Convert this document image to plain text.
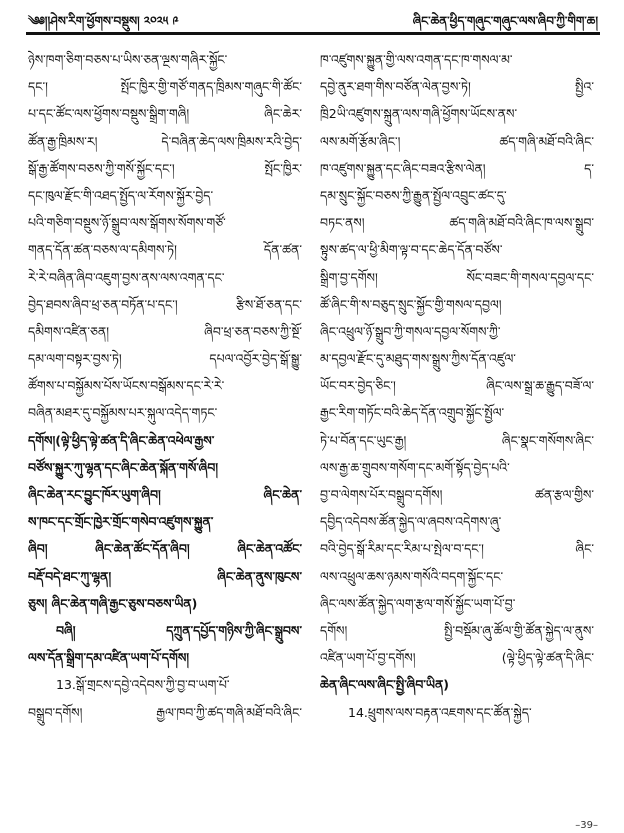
༄༅།།ཤེས་རིག་ཕྱོགས་བསྡུས། ༢༠༢༥ ༩	ཞིང་ཆེན་ཕྱིད་གཞུང་གཞུང་ལས་ཞིབ་ཀྱི་གིག་ཆ།
ཉེས་ཁག་ཅིག་བཅས་པ་ཡིས་ཅན་ལྔས་གཞིར་སྐྱོང་
དང་། སྤོང་ཁྱིར་གྱི་གཙོ་གནད་ཁྲིམས་གཞུང་གི་ཚོང་
པ་དང་ཚོང་ལས་ཕྱོགས་བསྡུས་སྒྲིག་གཞི། ཞིང་ཆེར་
ཚོན་རྒྱ་ཁྲིམས་ར། དེ་བཞིན་ཆེད་ལས་ཁྲིམས་རའི་བྱེད་
སྒོ་རྒྱ་ཚོགས་བཅས་ཀྱི་གསོ་སྐྱོང་དང་། སྤོང་ཁྱིར་
དང་ཁུལ་རྫོང་གི་འཐད་སྤྱོད་ལ་རོགས་སྐྱོར་བྱེད་
པའི་གཅིག་བསྡུས་ཉོ་སྒྲུབ་ལས་སྒོགས་སོགས་གཙོ་
གནད་དོན་ཚན་བཅས་ལ་དམིགས་ཏེ། དོན་ཚན་
རེ་རེ་བཞིན་ཞིབ་འཇུག་བྱས་ནས་ལས་འགན་དང་
བྱེད་ཐབས་ཞིབ་ཕྲ་ཅན་བཏོན་པ་དང་། རྩིས་ཐོ་ཅན་དང་
དམིགས་འཛིན་ཅན། ཞིབ་ཕྲ་ཅན་བཅས་ཀྱི་སྔོ་
དམ་ལག་བསྟར་བྱས་ཏེ། དཔལ་འབྱོར་བྱེད་སྒོ་སྒྱུ་
ཚོགས་པ་བསྐྱོམས་པོས་ཡོངས་བསྒོམས་དང་རེ་རེ་
བཞིན་མཐར་དུ་བསྐྱོམས་པར་སྐུལ་འདེད་གཏང་
དགོས།(ལྟེ་ཕྱིད་ལྟེ་ཚན་དི་ཞིང་ཆེན་འཕེལ་རྒྱས་
བཙོས་སྐྱུར་ཀུ་ལྷན་དང་ཞིང་ཆེན་སྐོན་གསོ་ཞིབ།
ཞིང་ཆེན་རང་བྱུང་ཁོར་ཡུག་ཞིབ། ཞིང་ཆེན་
ས་ཁང་དང་གྲོང་ཁྱེར་གྲོང་གསེབ་འཛུགས་སྐྱུན་
ཞིབ། ཞིང་ཆེན་ཚོང་དོན་ཞིབ། ཞིང་ཆེན་འཚོང་
བརྡོ་བདེ་ཐང་ཀུ་ལྷན། ཞིང་ཆེན་ནུས་ཁུངས་
ཅུས། ཞིང་ཆེན་གཞི་རྒྱང་ཅུས་བཅས་ཡིན)
བཞི། དཀྲུན་དཔྱོད་གཉིས་ཀྱི་ཞིང་སྒྲུབས་
ལས་དོན་སྒྲིག་དམ་འཛིན་ཡག་པོ་དགོས།
13.སྒོ་གྲངས་དབྱེ་འདེབས་ཀྱི་བྱ་བ་ཡག་པོ་
བསྒྲུབ་དགོས། རྒྱལ་ཁབ་ཀྱི་ཚད་གཞི་མཐོ་བའི་ཞིང་
ཁ་འཛུགས་སྐྱུན་གྱི་ལས་འགན་དང་ཁ་གསལ་མ་
དབྱེ་ནུར་ཐག་གིས་བཙོན་ལེན་བྱས་ཏེ། སྤྱིའ་
ཁྲི2ཡི་འཛུགས་སྐྲུན་ལས་གཞི་ཕྱོགས་ཡོངས་ནས་
ལས་མགོ་རྩོམ་ཞིང་། ཚད་གཞི་མཐོ་བའི་ཞིང་
ཁ་འཛུགས་སྐྱུན་དང་ཞིང་བཟའ་རྩིས་ལེན། ད་
དམ་སྲུང་སྐྱོང་བཅས་ཀྱི་རྒྱུན་སྤྱོལ་འབྲུང་ཚང་དུ་
བཏང་ནས། ཚད་གཞི་མཐོ་བའི་ཞིང་ཁ་ལས་སྒྲུབ་
སྟུས་ཚད་ལ་ཕྱི་མིག་ལྟ་བ་དང་ཆེད་དོན་བཙོས་
སྒྲིག་བྱ་དགོས། སོང་བཟང་གི་གསལ་དབྱལ་དང་
ཚོ་ཞིང་གི་ས་བཅུད་སྲུང་སྐྱོང་གྱི་གསལ་དབྱལ།
ཞིང་འཕྲུལ་ཉོ་སྒྲུབ་ཀྱི་གསལ་དབྱལ་སོགས་ཀྱི་
མ་དབྱལ་རྫོང་དུ་མཐུད་གས་སྒྲུས་ཀྱིས་དོན་འཛུལ་
ཡོང་བར་བྱེད་ཅིང་། ཞིང་ལས་སྒྲ་ཆ་རྒྱུད་བཟོ་ལ་
རྒྱང་རིག་གཏོང་བའི་ཆེད་དོན་འགྲུབ་སྐྱོང་སྤྱོལ་
ཏེ་པ་བོན་དང་ཡུང་རྒྱ། ཞིང་སྣང་གསོགས་ཞིང་
ལས་རྒྱ་ཆ་གྲུབས་གསོག་དང་མགོ་སྟོད་བྱེད་པའི་
བྱ་བ་ལེགས་པོར་བསྒྲུབ་དགོས། ཚན་རྩལ་གྱིས་
དབྱིད་འདེབས་ཚོན་སྐྱེད་ལ་ཞབས་འདེགས་ཞུ་
བའི་བྱེད་སྒོ་རིམ་དང་རིམ་པ་སྤེལ་བ་དང་། ཞིང་
ལས་འཕྲུལ་ཆས་ཉམས་གསོའི་བདག་སྐྱོང་དང་
ཞིང་ལས་ཚོན་སྐྱེད་ལག་རྩལ་གསོ་སྐྱོང་ཡག་པོ་བྱ་
དགོས། སྤྱི་བསྡོམ་ཞུ་ཚོལ་གྱི་ཚོན་སྐྱེད་ལ་ནུས་
འཛིན་ཡག་པོ་བྱ་དགོས། (ལྟེ་ཕྱིད་ལྟེ་ཚན་དི་ཞིང་
ཆེན་ཞིང་ལས་ཞིང་སྤྱི་ཞིབ་ཡིན)
14.ཕྲུགས་ལས་བརྟན་འཇགས་དང་ཚོན་སྐྱེད་
–39–
